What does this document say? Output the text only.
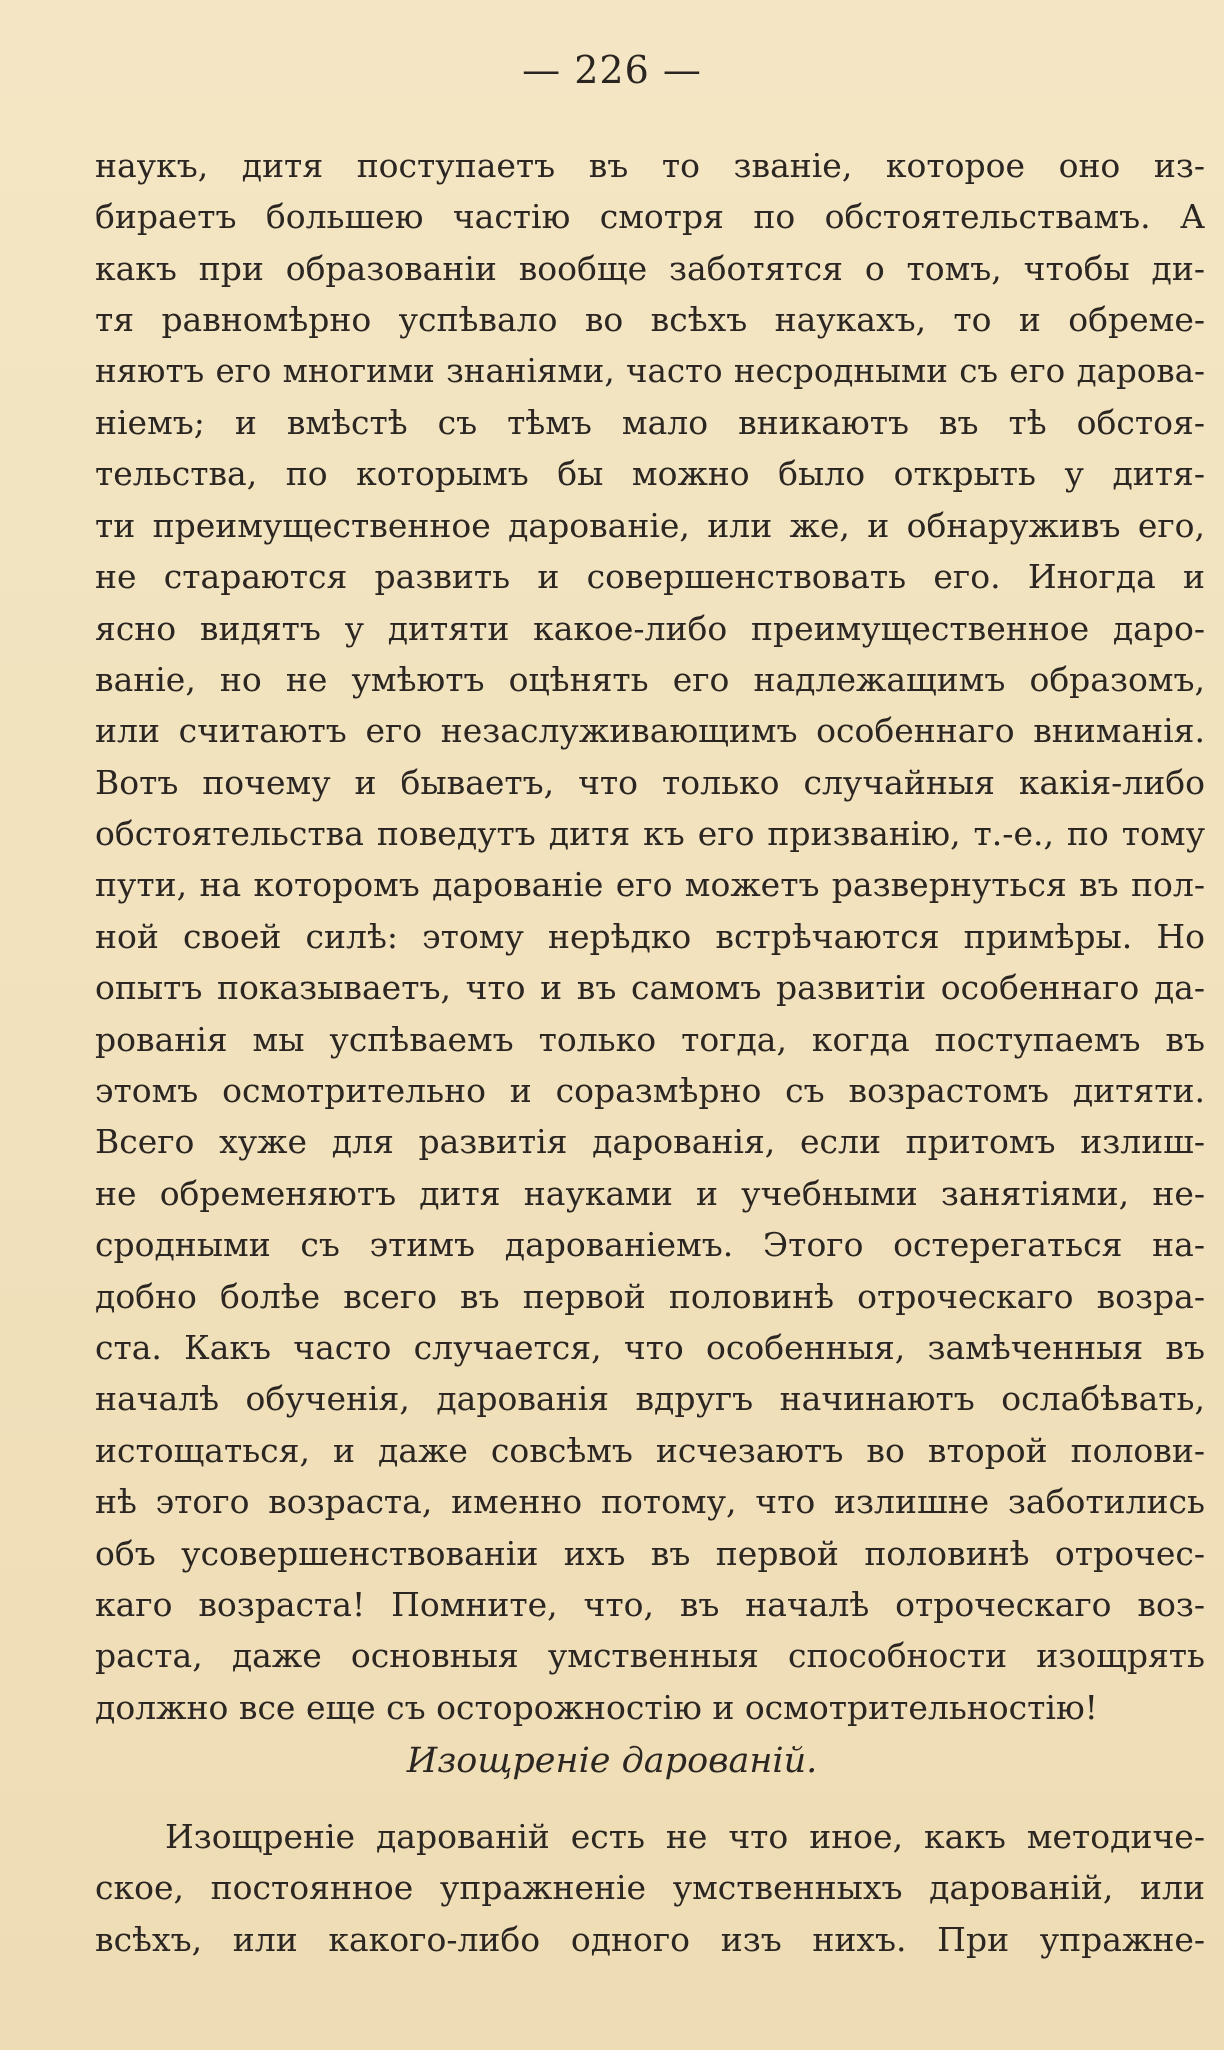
— 226 —
наукъ, дитя поступаетъ въ то званіе, которое оно из-
бираетъ большею частію смотря по обстоятельствамъ. А
какъ при образованіи вообще заботятся о томъ, чтобы ди-
тя равномѣрно успѣвало во всѣхъ наукахъ, то и обреме-
няютъ его многими знаніями, часто несродными съ его дарова-
ніемъ; и вмѣстѣ съ тѣмъ мало вникаютъ въ тѣ обстоя-
тельства, по которымъ бы можно было открыть у дитя-
ти преимущественное дарованіе, или же, и обнаруживъ его,
не стараются развить и совершенствовать его. Иногда и
ясно видятъ у дитяти какое-либо преимущественное даро-
ваніе, но не умѣютъ оцѣнять его надлежащимъ образомъ,
или считаютъ его незаслуживающимъ особеннаго вниманія.
Вотъ почему и бываетъ, что только случайныя какія-либо
обстоятельства поведутъ дитя къ его призванію, т.-е., по тому
пути, на которомъ дарованіе его можетъ развернуться въ пол-
ной своей силѣ: этому нерѣдко встрѣчаются примѣры. Но
опытъ показываетъ, что и въ самомъ развитіи особеннаго да-
рованія мы успѣваемъ только тогда, когда поступаемъ въ
этомъ осмотрительно и соразмѣрно съ возрастомъ дитяти.
Всего хуже для развитія дарованія, если притомъ излиш-
не обременяютъ дитя науками и учебными занятіями, не-
сродными съ этимъ дарованіемъ. Этого остерегаться на-
добно болѣе всего въ первой половинѣ отроческаго возра-
ста. Какъ часто случается, что особенныя, замѣченныя въ
началѣ обученія, дарованія вдругъ начинаютъ ослабѣвать,
истощаться, и даже совсѣмъ исчезаютъ во второй полови-
нѣ этого возраста, именно потому, что излишне заботились
объ усовершенствованіи ихъ въ первой половинѣ отрочес-
каго возраста! Помните, что, въ началѣ отроческаго воз-
раста, даже основныя умственныя способности изощрять
должно все еще съ осторожностію и осмотрительностію!
Изощреніе дарованій.
Изощреніе дарованій есть не что иное, какъ методиче-
ское, постоянное упражненіе умственныхъ дарованій, или
всѣхъ, или какого-либо одного изъ нихъ. При упражне-
